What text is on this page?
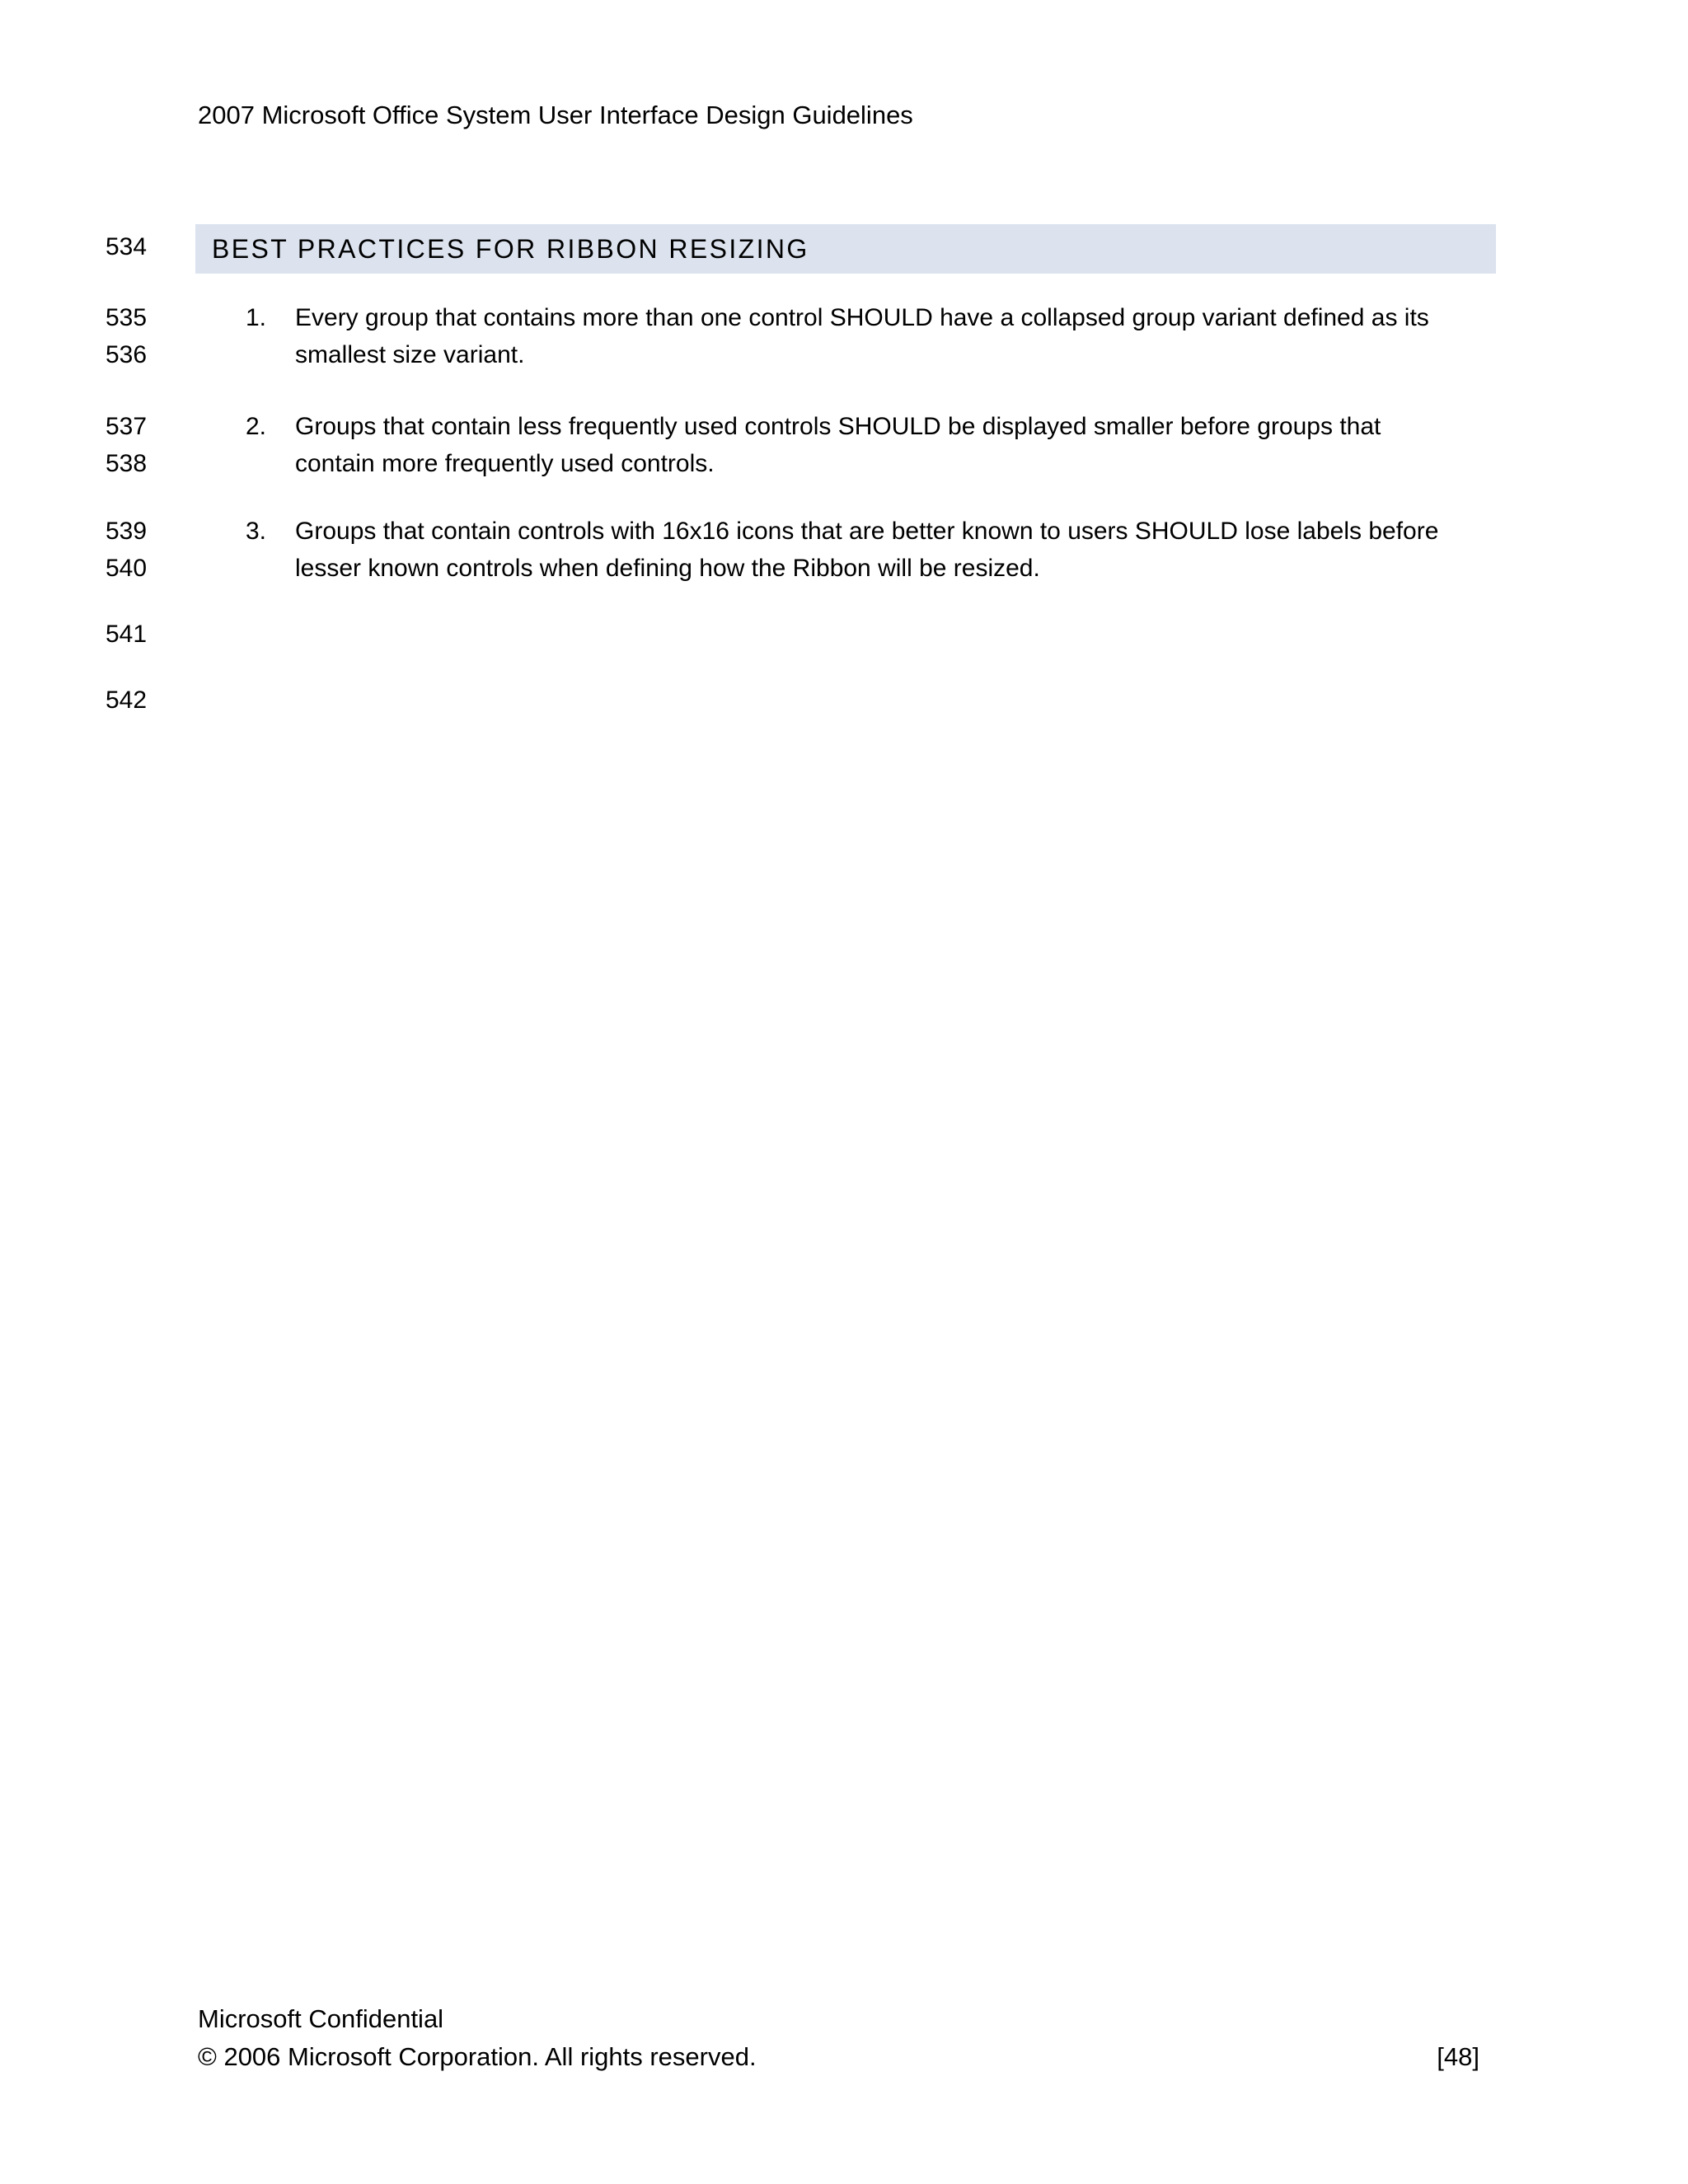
2007 Microsoft Office System User Interface Design Guidelines
534
535
536
537
538
539
540
541
542
BEST PRACTICES FOR RIBBON RESIZING
1. Every group that contains more than one control SHOULD have a collapsed group variant defined as its
smallest size variant.
2. Groups that contain less frequently used controls SHOULD be displayed smaller before groups that
contain more frequently used controls.
3. Groups that contain controls with 16x16 icons that are better known to users SHOULD lose labels before
lesser known controls when defining how the Ribbon will be resized.
Microsoft Confidential
© 2006 Microsoft Corporation. All rights reserved.	[48]
